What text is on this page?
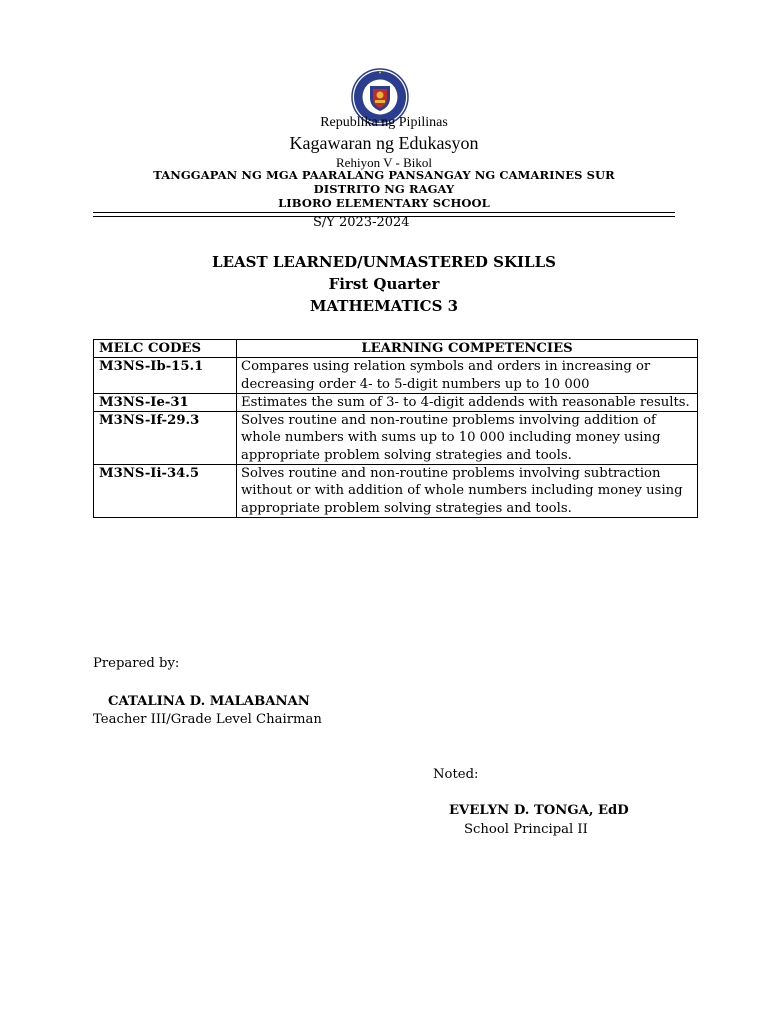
Republika ng Pipilinas
Kagawaran ng Edukasyon
Rehiyon V - Bikol
TANGGAPAN NG MGA PAARALANG PANSANGAY NG CAMARINES SUR
DISTRITO NG RAGAY
LIBORO ELEMENTARY SCHOOL
S/Y 2023-2024
LEAST LEARNED/UNMASTERED SKILLS
First Quarter
MATHEMATICS 3
MELC CODES	LEARNING COMPETENCIES
M3NS-Ib-15.1	Compares using relation symbols and orders in increasing or decreasing order 4- to 5-digit numbers up to 10 000
M3NS-Ie-31	Estimates the sum of 3- to 4-digit addends with reasonable results.
M3NS-If-29.3	Solves routine and non-routine problems involving addition of whole numbers with sums up to 10 000 including money using appropriate problem solving strategies and tools.
M3NS-Ii-34.5	Solves routine and non-routine problems involving subtraction without or with addition of whole numbers including money using appropriate problem solving strategies and tools.
Prepared by:
CATALINA D. MALABANAN
Teacher III/Grade Level Chairman
Noted:
EVELYN D. TONGA, EdD
School Principal II
